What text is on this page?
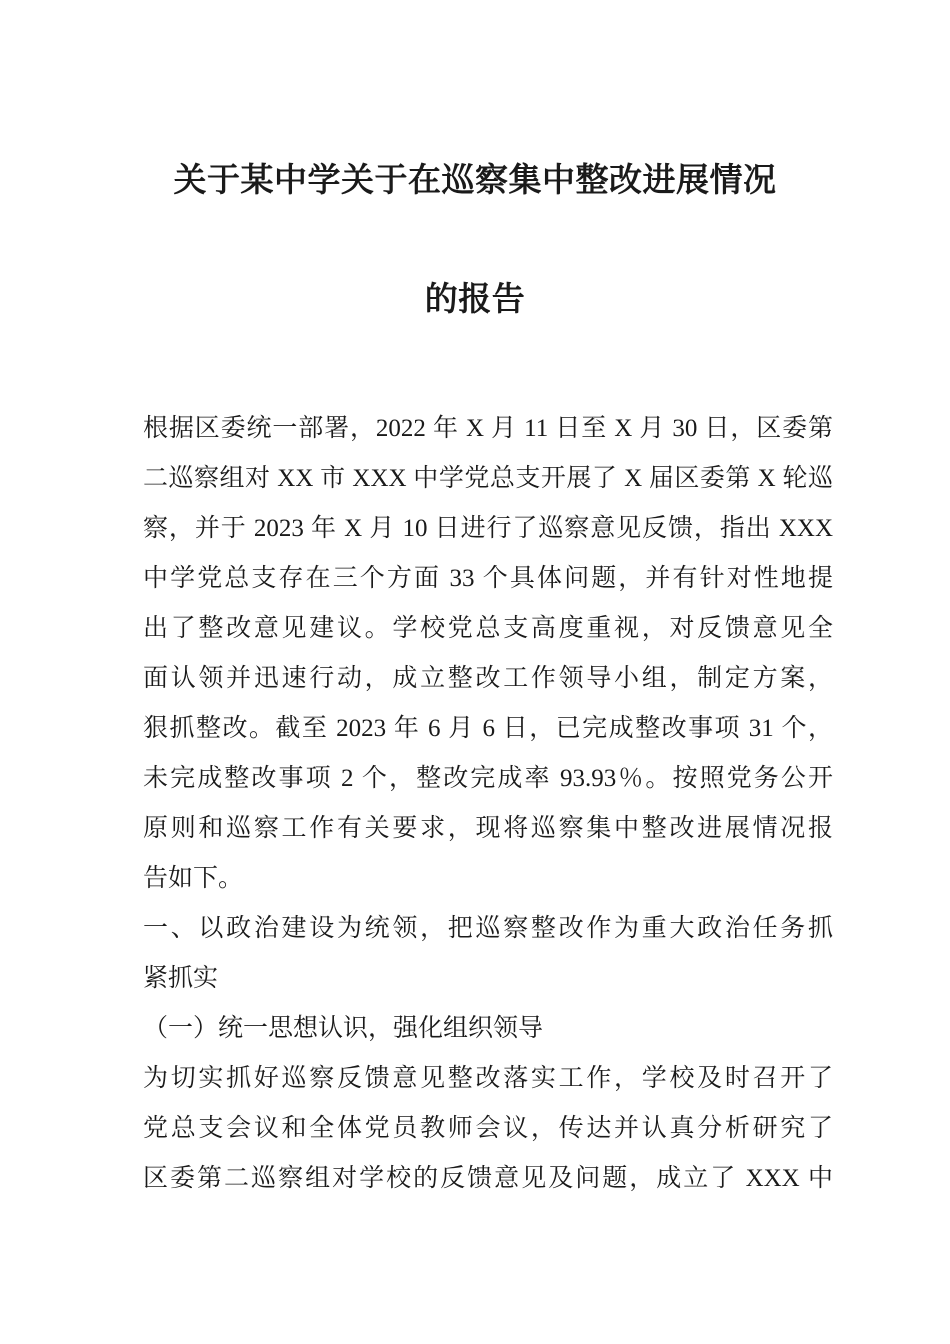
关于某中学关于在巡察集中整改进展情况
的报告
根据区委统一部署，2022 年 X 月 11 日至 X 月 30 日，区委第
二巡察组对 XX 市 XXX 中学党总支开展了 X 届区委第 X 轮巡
察，并于 2023 年 X 月 10 日进行了巡察意见反馈，指出 XXX
中学党总支存在三个方面 33 个具体问题，并有针对性地提
出了整改意见建议。学校党总支高度重视，对反馈意见全
面认领并迅速行动，成立整改工作领导小组，制定方案，
狠抓整改。截至 2023 年 6 月 6 日，已完成整改事项 31 个，
未完成整改事项 2 个，整改完成率 93.93％。按照党务公开
原则和巡察工作有关要求，现将巡察集中整改进展情况报
告如下。
一、以政治建设为统领，把巡察整改作为重大政治任务抓
紧抓实
（一）统一思想认识，强化组织领导
为切实抓好巡察反馈意见整改落实工作，学校及时召开了
党总支会议和全体党员教师会议，传达并认真分析研究了
区委第二巡察组对学校的反馈意见及问题，成立了 XXX 中
